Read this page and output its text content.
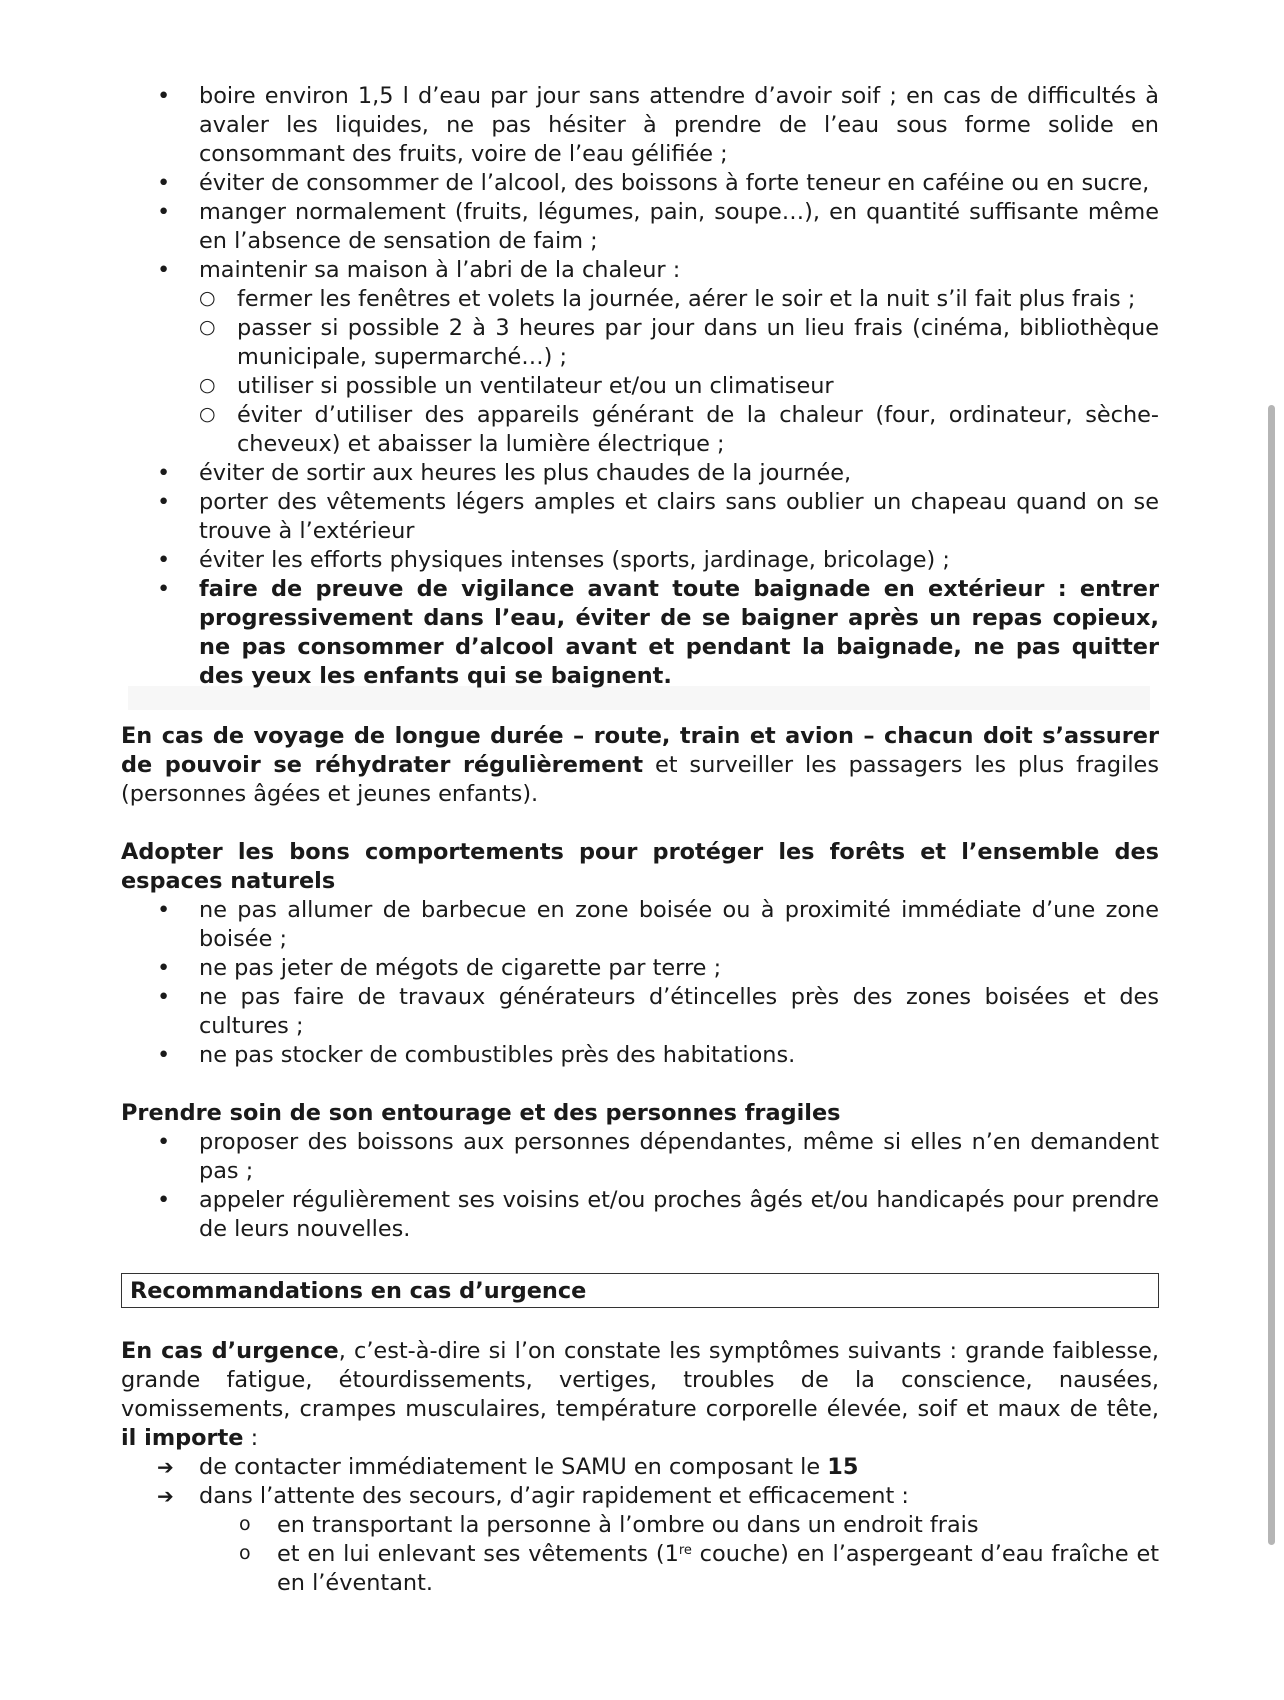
• boire environ 1,5 l d’eau par jour sans attendre d’avoir soif ; en cas de difficultés à avaler les liquides, ne pas hésiter à prendre de l’eau sous forme solide en consommant des fruits, voire de l’eau gélifiée ;
• éviter de consommer de l’alcool, des boissons à forte teneur en caféine ou en sucre,
• manger normalement (fruits, légumes, pain, soupe…), en quantité suffisante même en l’absence de sensation de faim ;
• maintenir sa maison à l’abri de la chaleur :
○ fermer les fenêtres et volets la journée, aérer le soir et la nuit s’il fait plus frais ;
○ passer si possible 2 à 3 heures par jour dans un lieu frais (cinéma, bibliothèque municipale, supermarché…) ;
○ utiliser si possible un ventilateur et/ou un climatiseur
○ éviter d’utiliser des appareils générant de la chaleur (four, ordinateur, sèche-cheveux) et abaisser la lumière électrique ;
• éviter de sortir aux heures les plus chaudes de la journée,
• porter des vêtements légers amples et clairs sans oublier un chapeau quand on se trouve à l’extérieur
• éviter les efforts physiques intenses (sports, jardinage, bricolage) ;
• faire de preuve de vigilance avant toute baignade en extérieur : entrer progressivement dans l’eau, éviter de se baigner après un repas copieux, ne pas consommer d’alcool avant et pendant la baignade, ne pas quitter des yeux les enfants qui se baignent.

En cas de voyage de longue durée – route, train et avion – chacun doit s’assurer de pouvoir se réhydrater régulièrement et surveiller les passagers les plus fragiles (personnes âgées et jeunes enfants).

Adopter les bons comportements pour protéger les forêts et l’ensemble des espaces naturels

• ne pas allumer de barbecue en zone boisée ou à proximité immédiate d’une zone boisée ;
• ne pas jeter de mégots de cigarette par terre ;
• ne pas faire de travaux générateurs d’étincelles près des zones boisées et des cultures ;
• ne pas stocker de combustibles près des habitations.

Prendre soin de son entourage et des personnes fragiles

• proposer des boissons aux personnes dépendantes, même si elles n’en demandent pas ;
• appeler régulièrement ses voisins et/ou proches âgés et/ou handicapés pour prendre de leurs nouvelles.
Recommandations en cas d’urgence

En cas d’urgence, c’est-à-dire si l’on constate les symptômes suivants : grande faiblesse, grande fatigue, étourdissements, vertiges, troubles de la conscience, nausées, vomissements, crampes musculaires, température corporelle élevée, soif et maux de tête, il importe :

➔ de contacter immédiatement le SAMU en composant le 15
➔ dans l’attente des secours, d’agir rapidement et efficacement :
o en transportant la personne à l’ombre ou dans un endroit frais
o et en lui enlevant ses vêtements (1re couche) en l’aspergeant d’eau fraîche et en l’éventant.
